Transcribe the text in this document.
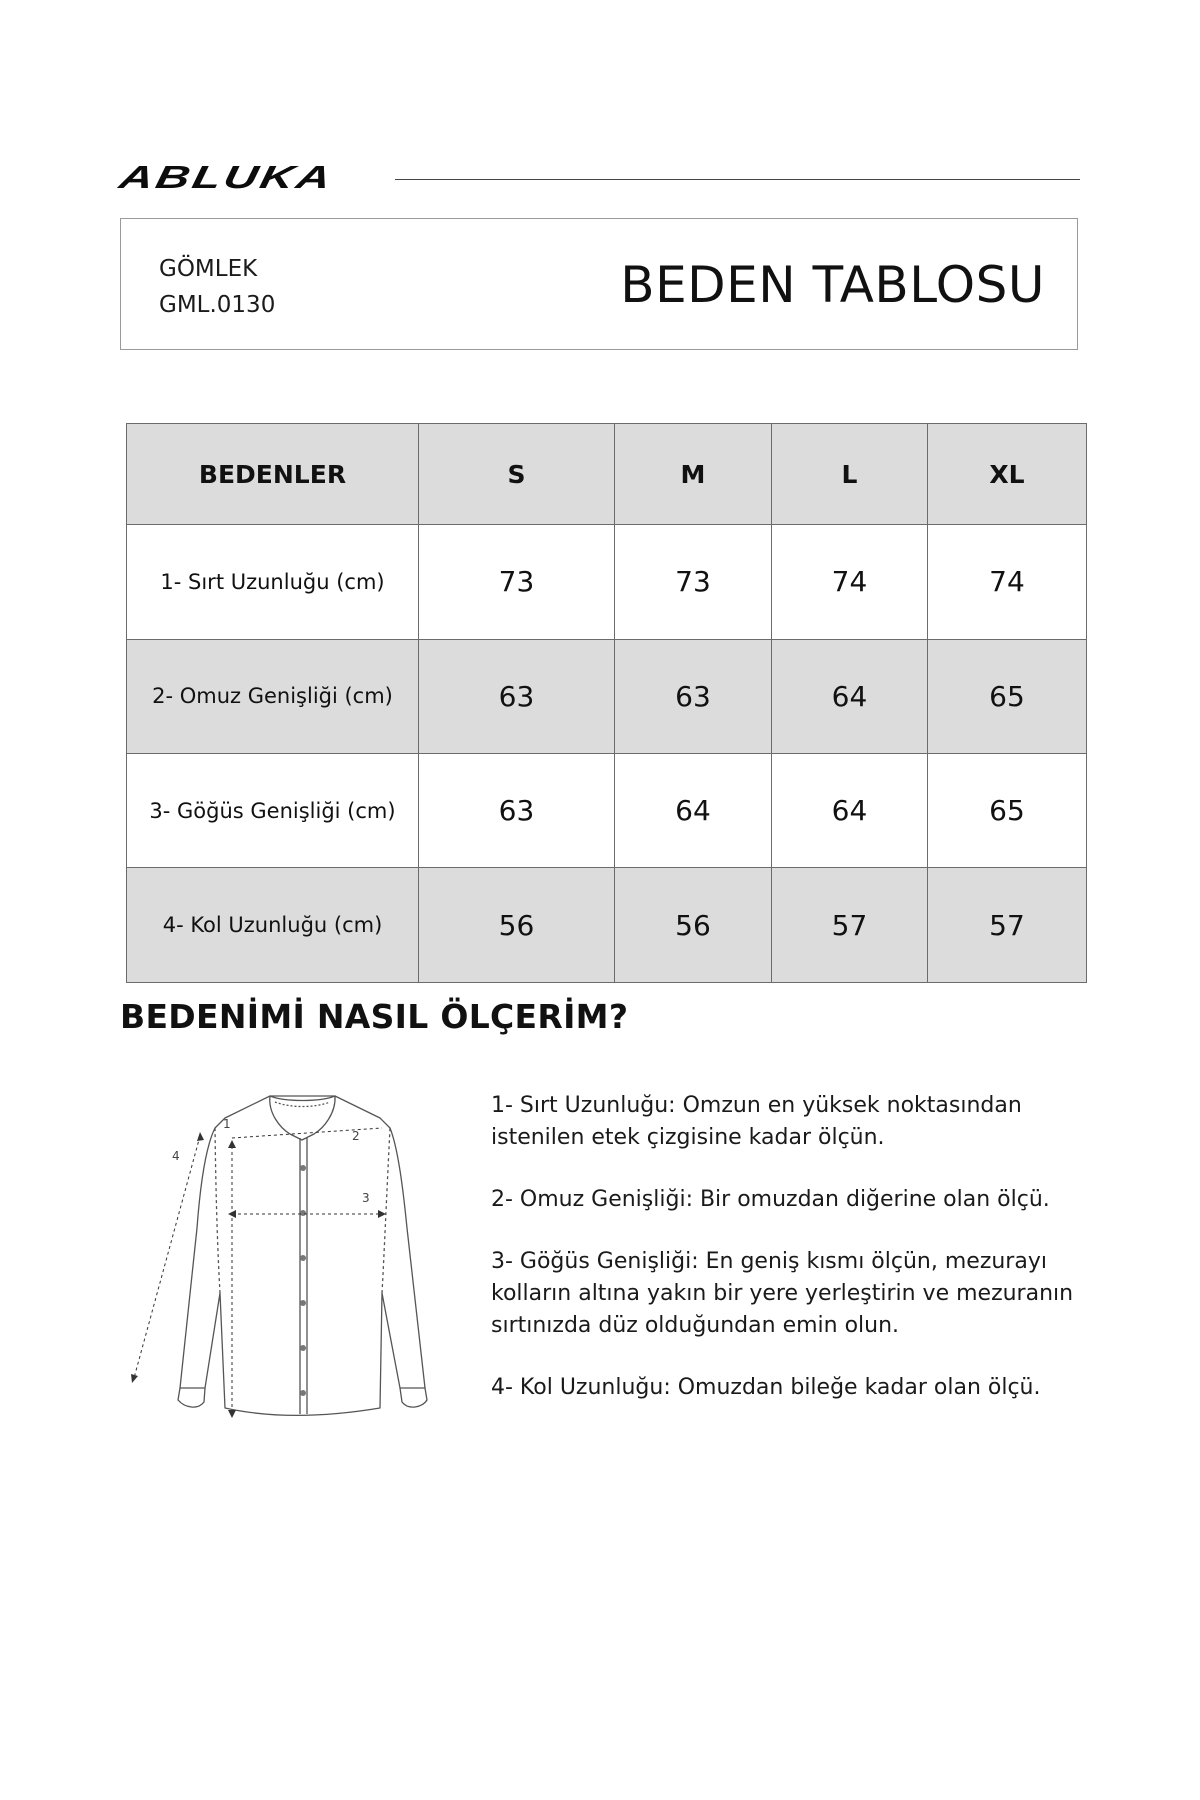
ABLUKA
GÖMLEK
GML.0130	BEDEN TABLOSU
BEDENLER	S	M	L	XL
1- Sırt Uzunluğu (cm)	73	73	74	74
2- Omuz Genişliği (cm)	63	63	64	65
3- Göğüs Genişliği (cm)	63	64	64	65
4- Kol Uzunluğu (cm)	56	56	57	57
BEDENİMİ NASIL ÖLÇERİM?
1
2
3
4

1- Sırt Uzunluğu: Omzun en yüksek noktasından istenilen etek çizgisine kadar ölçün.

2- Omuz Genişliği: Bir omuzdan diğerine olan ölçü.

3- Göğüs Genişliği: En geniş kısmı ölçün, mezurayı kolların altına yakın bir yere yerleştirin ve mezuranın sırtınızda düz olduğundan emin olun.

4- Kol Uzunluğu: Omuzdan bileğe kadar olan ölçü.
